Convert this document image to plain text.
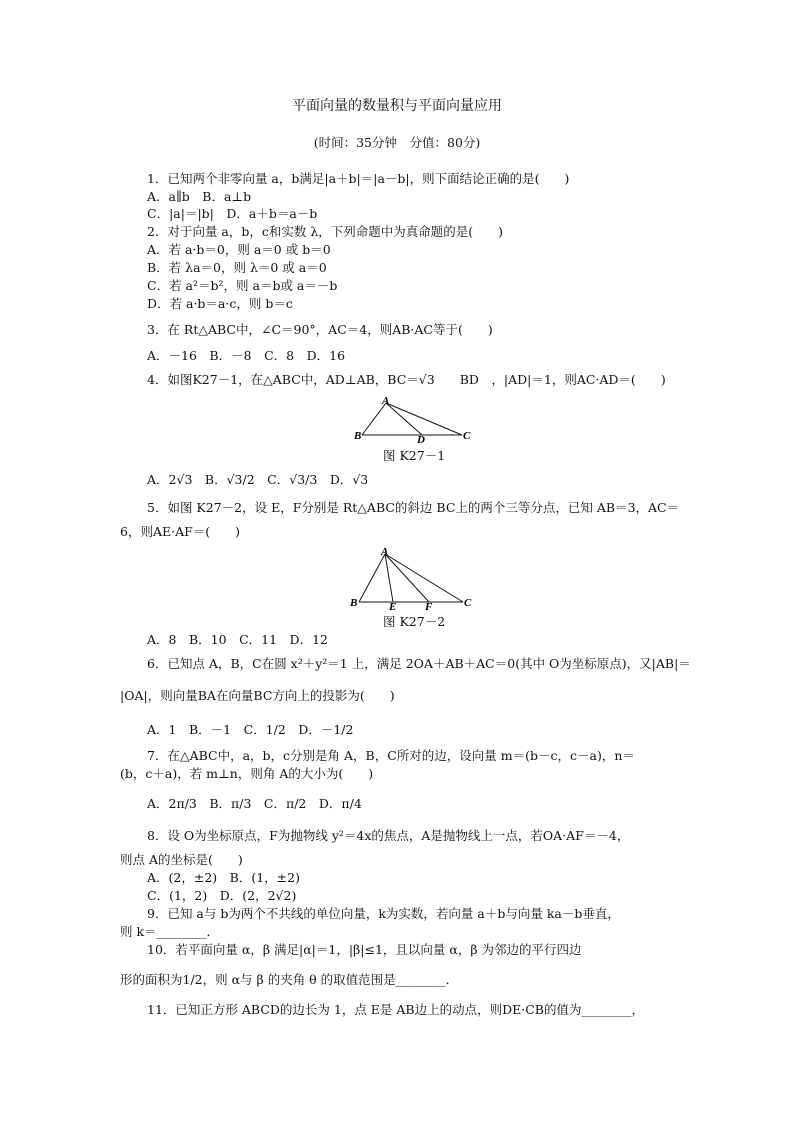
平面向量的数量积与平面向量应用
(时间：35分钟　分值：80分)
1．已知两个非零向量 a，b满足|a＋b|＝|a－b|，则下面结论正确的是(　　)
A．a∥b　B．a⊥b
C．|a|＝|b|　D．a＋b＝a－b
2．对于向量 a，b，c和实数 λ，下列命题中为真命题的是(　　)
A．若 a·b＝0，则 a＝0 或 b＝0
B．若 λa＝0，则 λ＝0 或 a＝0
C．若 a²＝b²，则 a＝b或 a＝－b
D．若 a·b＝a·c，则 b＝c
3．在 Rt△ABC中，∠C＝90°，AC＝4，则AB·AC等于(　　)
A．－16　B．－8　C．8　D．16
4．如图K27－1，在△ABC中，AD⊥AB，BC＝√3　　BD　，|AD|＝1，则AC·AD＝(　　)
A
B	D	C
图 K27－1
A．2√3　B．√3/2　C．√3/3　D．√3
5．如图 K27－2，设 E，F分别是 Rt△ABC的斜边 BC上的两个三等分点，已知 AB＝3，AC＝
6，则AE·AF＝(　　)
A
B	E	F	C
图 K27－2
A．8　B．10　C．11　D．12
6．已知点 A，B，C在圆 x²＋y²＝1 上，满足 2OA＋AB＋AC＝0(其中 O为坐标原点)，又|AB|＝
|OA|，则向量BA在向量BC方向上的投影为(　　)
A．1　B．－1　C．1/2　D．－1/2
7．在△ABC中，a，b，c分别是角 A，B，C所对的边，设向量 m＝(b－c，c－a)，n＝
(b，c＋a)，若 m⊥n，则角 A的大小为(　　)
A．2π/3　B．π/3　C．π/2　D．π/4
8．设 O为坐标原点，F为抛物线 y²＝4x的焦点，A是抛物线上一点，若OA·AF＝－4，
则点 A的坐标是(　　)
A．(2，±2)　B．(1，±2)
C．(1，2)　D．(2，2√2)
9．已知 a与 b为两个不共线的单位向量，k为实数，若向量 a＋b与向量 ka－b垂直，
则 k＝________．
10．若平面向量 α，β 满足|α|＝1，|β|≤1，且以向量 α，β 为邻边的平行四边
形的面积为1/2，则 α与 β 的夹角 θ 的取值范围是________．
11．已知正方形 ABCD的边长为 1，点 E是 AB边上的动点，则DE·CB的值为________，
